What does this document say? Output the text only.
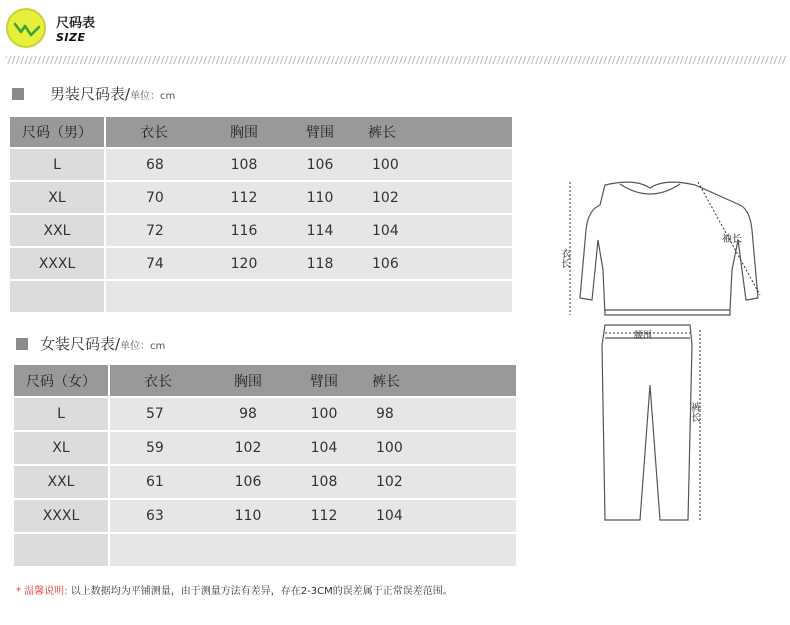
尺码表
SIZE
男装尺码表/单位：cm
尺码（男）	衣长	胸围	臂围	裤长
L	68	108	106	100
XL	70	112	110	102
XXL	72	116	114	104
XXXL	74	120	118	106

女装尺码表/单位：cm
尺码（女）	衣长	胸围	臂围	裤长
L	57	98	100	98
XL	59	102	104	100
XXL	61	106	108	102
XXXL	63	110	112	104

衣长
袖长
腰围
裤长
* 温馨说明: 以上数据均为平铺测量，由于测量方法有差异，存在2-3CM的误差属于正常误差范围。
